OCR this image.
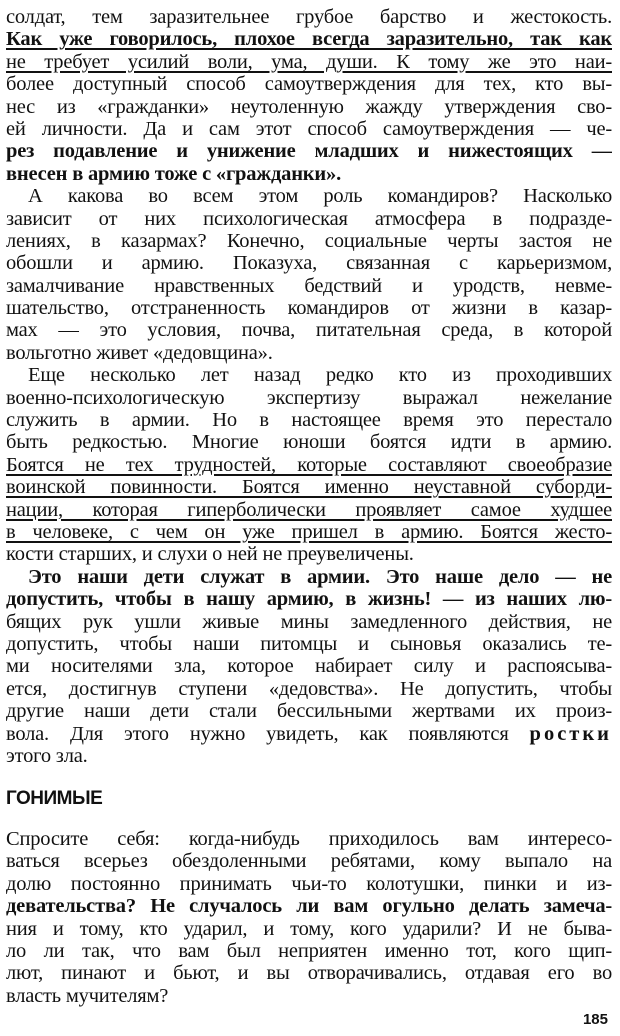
солдат, тем заразительнее грубое барство и жестокость.
Как уже говорилось, плохое всегда заразительно, так как
не требует усилий воли, ума, души. К тому же это наи-
более доступный способ самоутверждения для тех, кто вы-
нес из «гражданки» неутоленную жажду утверждения сво-
ей личности. Да и сам этот способ самоутверждения — че-
рез подавление и унижение младших и нижестоящих —
внесен в армию тоже с «гражданки».
А какова во всем этом роль командиров? Насколько
зависит от них психологическая атмосфера в подразде-
лениях, в казармах? Конечно, социальные черты застоя не
обошли и армию. Показуха, связанная с карьеризмом,
замалчивание нравственных бедствий и уродств, невме-
шательство, отстраненность командиров от жизни в казар-
мах — это условия, почва, питательная среда, в которой
вольготно живет «дедовщина».
Еще несколько лет назад редко кто из проходивших
военно-психологическую экспертизу выражал нежелание
служить в армии. Но в настоящее время это перестало
быть редкостью. Многие юноши боятся идти в армию.
Боятся не тех трудностей, которые составляют своеобразие
воинской повинности. Боятся именно неуставной суборди-
нации, которая гиперболически проявляет самое худшее
в человеке, с чем он уже пришел в армию. Боятся жесто-
кости старших, и слухи о ней не преувеличены.
Это наши дети служат в армии. Это наше дело — не
допустить, чтобы в нашу армию, в жизнь! — из наших лю-
бящих рук ушли живые мины замедленного действия, не
допустить, чтобы наши питомцы и сыновья оказались те-
ми носителями зла, которое набирает силу и распоясыва-
ется, достигнув ступени «дедовства». Не допустить, чтобы
другие наши дети стали бессильными жертвами их произ-
вола. Для этого нужно увидеть, как появляются ростки
этого зла.
ГОНИМЫЕ
Спросите себя: когда-нибудь приходилось вам интересо-
ваться всерьез обездоленными ребятами, кому выпало на
долю постоянно принимать чьи-то колотушки, пинки и из-
девательства? Не случалось ли вам огульно делать замеча-
ния и тому, кто ударил, и тому, кого ударили? И не быва-
ло ли так, что вам был неприятен именно тот, кого щип-
лют, пинают и бьют, и вы отворачивались, отдавая его во
власть мучителям?
185
